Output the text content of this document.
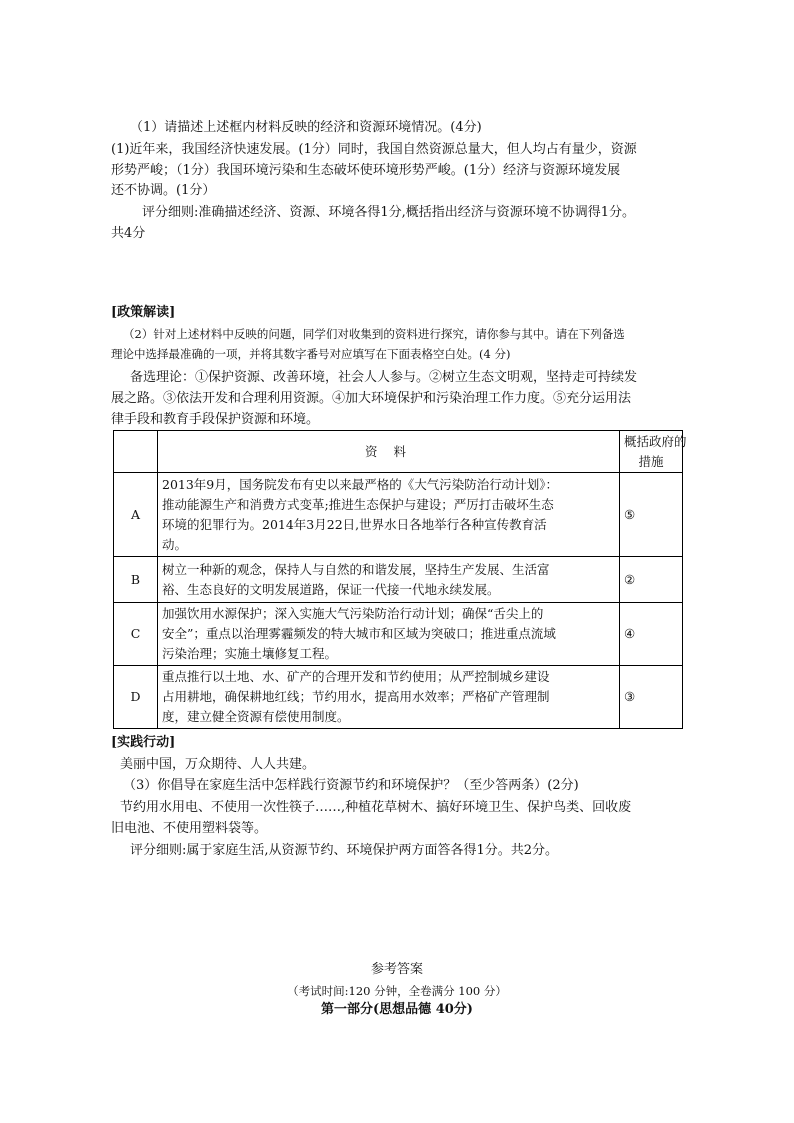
（1）请描述上述框内材料反映的经济和资源环境情况。(4分)
(1)近年来，我国经济快速发展。(1分）同时，我国自然资源总量大，但人均占有量少，资源
形势严峻；（1分）我国环境污染和生态破坏使环境形势严峻。(1分）经济与资源环境发展
还不协调。(1分）
评分细则:准确描述经济、资源、环境各得1分,概括指出经济与资源环境不协调得1分。
共4分
[政策解读]
（2）针对上述材料中反映的问题，同学们对收集到的资料进行探究，请你参与其中。请在下列备选
理论中选择最准确的一项，并将其数字番号对应填写在下面表格空白处。(4 分)
备选理论：①保护资源、改善环境，社会人人参与。②树立生态文明观，坚持走可持续发
展之路。③依法开发和合理利用资源。④加大环境保护和污染治理工作力度。⑤充分运用法
律手段和教育手段保护资源和环境。
	资 料	概括政府的
措施

A	2013年9月，国务院发布有史以来最严格的《大气污染防治行动计划》：
推动能源生产和消费方式变革;推进生态保护与建设；严厉打击破坏生态
环境的犯罪行为。2014年3月22日,世界水日各地举行各种宣传教育活
动。	⑤
B	树立一种新的观念，保持人与自然的和谐发展，坚持生产发展、生活富
裕、生态良好的文明发展道路，保证一代接一代地永续发展。	②
C	加强饮用水源保护；深入实施大气污染防治行动计划；确保“舌尖上的
安全”；重点以治理雾霾频发的特大城市和区域为突破口；推进重点流域
污染治理；实施土壤修复工程。	④
D	重点推行以土地、水、矿产的合理开发和节约使用；从严控制城乡建设
占用耕地，确保耕地红线；节约用水，提高用水效率；严格矿产管理制
度，建立健全资源有偿使用制度。	③
[实践行动]
美丽中国，万众期待、人人共建。
（3）你倡导在家庭生活中怎样践行资源节约和环境保护？（至少答两条）(2分)
节约用水用电、不使用一次性筷子……,种植花草树木、搞好环境卫生、保护鸟类、回收废
旧电池、不使用塑料袋等。
评分细则:属于家庭生活,从资源节约、环境保护两方面答各得1分。共2分。
参考答案
（考试时间:120 分钟，全卷满分 100 分）
第一部分(思想品德 40分)
